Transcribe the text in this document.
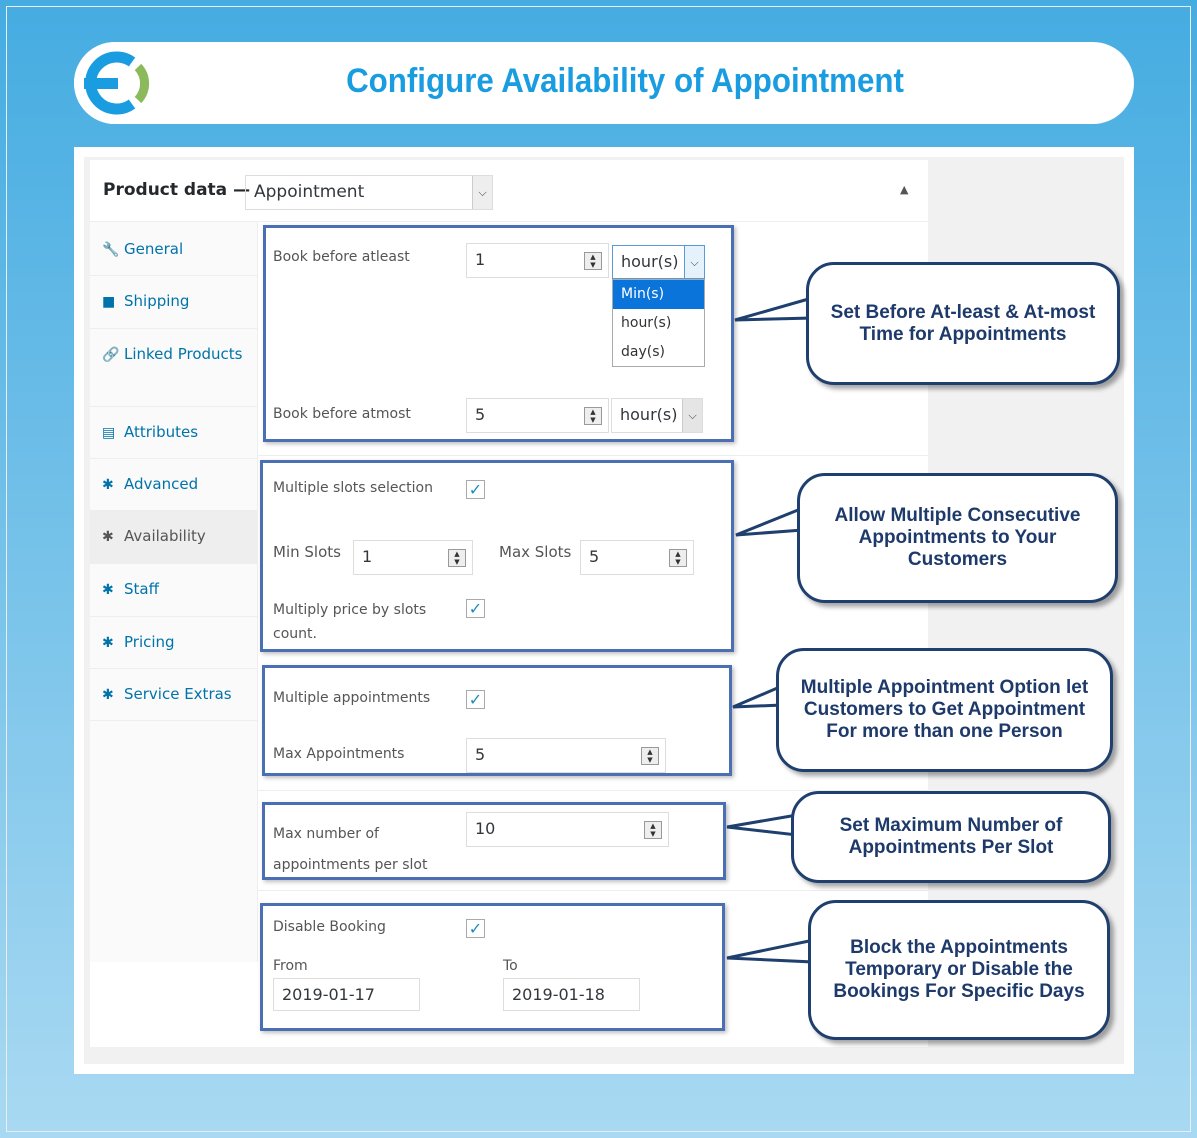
Configure Availability of Appointment
Product data — Appointment	⌵	▲
🔧 General
■ Shipping
🔗 Linked Products
▤ Attributes
✱ Advanced
✱ Availability
✱ Staff
✱ Pricing
✱ Service Extras
Book before atleast	1	▲
▼	hour(s)	⌵
Min(s)
hour(s)
day(s)
Book before atmost	5	▲
▼	hour(s) ⌵
Multiple slots selection ✓
Min Slots	1	▲
▼
Max Slots	5	▲
▼
Multiply price by slots
count.
✓
Multiple appointments ✓
Max Appointments	5	▲
▼
Max number of
appointments per slot
10	▲
▼
Disable Booking	✓
From
2019-01-17
To
2019-01-18
Set Before At-least & At-most Time for Appointments
Allow Multiple Consecutive Appointments to Your Customers
Multiple Appointment Option let Customers to Get Appointment For more than one Person
Set Maximum Number of Appointments Per Slot
Block the Appointments Temporary or Disable the Bookings For Specific Days
